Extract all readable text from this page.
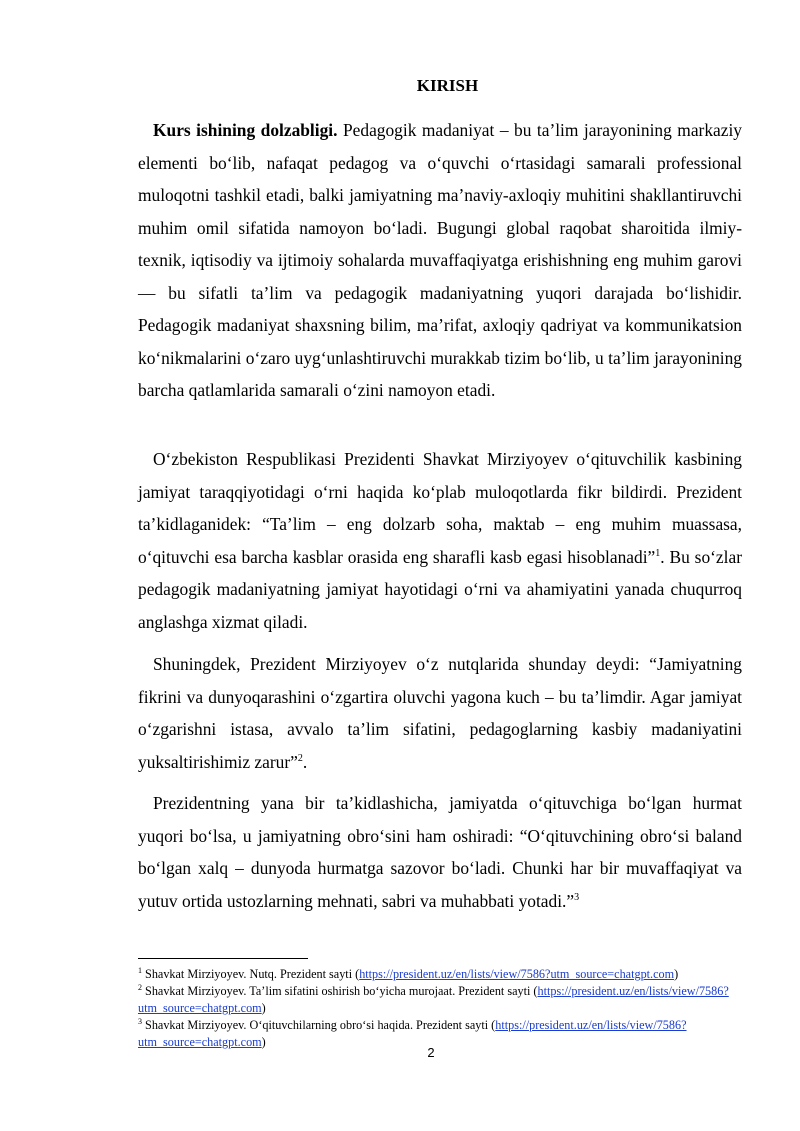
KIRISH

Kurs ishining dolzabligi. Pedagogik madaniyat – bu ta’lim jarayonining markaziy elementi bo‘lib, nafaqat pedagog va o‘quvchi o‘rtasidagi samarali professional muloqotni tashkil etadi, balki jamiyatning ma’naviy-axloqiy muhitini shakllantiruvchi muhim omil sifatida namoyon bo‘ladi. Bugungi global raqobat sharoitida ilmiy-texnik, iqtisodiy va ijtimoiy sohalarda muvaffaqiyatga erishishning eng muhim garovi — bu sifatli ta’lim va pedagogik madaniyatning yuqori darajada bo‘lishidir. Pedagogik madaniyat shaxsning bilim, ma’rifat, axloqiy qadriyat va kommunikatsion ko‘nikmalarini o‘zaro uyg‘unlashtiruvchi murakkab tizim bo‘lib, u ta’lim jarayonining barcha qatlamlarida samarali o‘zini namoyon etadi.

O‘zbekiston Respublikasi Prezidenti Shavkat Mirziyoyev o‘qituvchilik kasbining jamiyat taraqqiyotidagi o‘rni haqida ko‘plab muloqotlarda fikr bildirdi. Prezident ta’kidlaganidek: “Ta’lim – eng dolzarb soha, maktab – eng muhim muassasa, o‘qituvchi esa barcha kasblar orasida eng sharafli kasb egasi hisoblanadi”$^1$. Bu so‘zlar pedagogik madaniyatning jamiyat hayotidagi o‘rni va ahamiyatini yanada chuqurroq anglashga xizmat qiladi.

Shuningdek, Prezident Mirziyoyev o‘z nutqlarida shunday deydi: “Jamiyatning fikrini va dunyoqarashini o‘zgartira oluvchi yagona kuch – bu ta’limdir. Agar jamiyat o‘zgarishni istasa, avvalo ta’lim sifatini, pedagoglarning kasbiy madaniyatini yuksaltirishimiz zarur”$^2$.

Prezidentning yana bir ta’kidlashicha, jamiyatda o‘qituvchiga bo‘lgan hurmat yuqori bo‘lsa, u jamiyatning obro‘sini ham oshiradi: “O‘qituvchining obro‘si baland bo‘lgan xalq – dunyoda hurmatga sazovor bo‘ladi. Chunki har bir muvaffaqiyat va yutuv ortida ustozlarning mehnati, sabri va muhabbati yotadi.”$^3$

$^1$ Shavkat Mirziyoyev. Nutq. Prezident sayti (https://president.uz/en/lists/view/7586?utm_source=chatgpt.com)

$^2$ Shavkat Mirziyoyev. Ta’lim sifatini oshirish bo‘yicha murojaat. Prezident sayti (https://president.uz/en/lists/view/7586?utm_source=chatgpt.com)

$^3$ Shavkat Mirziyoyev. O‘qituvchilarning obro‘si haqida. Prezident sayti (https://president.uz/en/lists/view/7586?utm_source=chatgpt.com)

2
